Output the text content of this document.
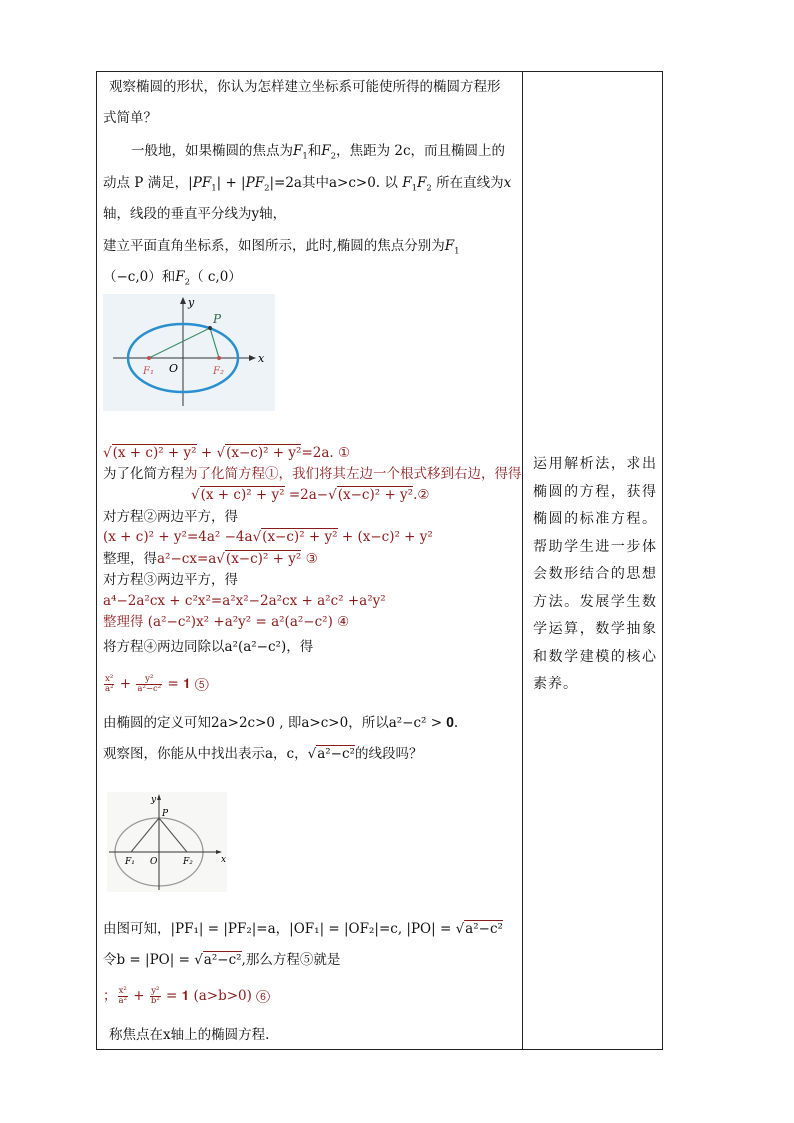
观察椭圆的形状，你认为怎样建立坐标系可能使所得的椭圆方程形
式简单？
一般地，如果椭圆的焦点为$F_1$和$F_2$，焦距为 2c，而且椭圆上的
动点 P 满足，$|PF_1| + |PF_2|=2a$其中a>c>0. 以 $F_1F_2$ 所在直线为x
轴，线段的垂直平分线为y轴，
建立平面直角坐标系，如图所示，此时,椭圆的焦点分别为$F_1$
（−c,0）和$F_2$（ c,0）
y
P
x
F₁ O	F₂
√(x + c)² + y² + √(x−c)² + y²=2a. ①
为了化简方程为了化简方程①，我们将其左边一个根式移到右边，得得
√(x + c)² + y² =2a−√(x−c)² + y².②
对方程②两边平方，得
(x + c)² + y²=4a² −4a√(x−c)² + y² + (x−c)² + y²
整理，得a²−cx=a√(x−c)² + y² ③
对方程③两边平方，得
a⁴−2a²cx + c²x²=a²x²−2a²cx + a²c² +a²y²
整理得 (a²−c²)x² +a²y² = a²(a²−c²) ④
将方程④两边同除以a²(a²−c²)，得
$\frac{\text{x²}}{\text{a²}} + \frac{\text{y²}}{\text{a²−c²}}$ = 𝟏 ⑤
由椭圆的定义可知2a>2c>0 , 即a>c>0，所以a²−c² > 𝟎.
观察图，你能从中找出表示a，c，√a²−c²的线段吗？
y
P
F₁ O	F₂	x
由图可知，|PF₁| = |PF₂|=a，|OF₁| = |OF₂|=c, |PO| = √a²−c²
令b = |PO| = √a²−c²,那么方程⑤就是
； $\frac{\text{x²}}{\text{a²}} + \frac{\text{y²}}{\text{b²}}$ = 𝟏 (a>b>0) ⑥
称焦点在x轴上的椭圆方程.
运用解析法，求出椭圆的方程，获得椭圆的标准方程。帮助学生进一步体会数形结合的思想方法。发展学生数学运算，数学抽象和数学建模的核心素养。
